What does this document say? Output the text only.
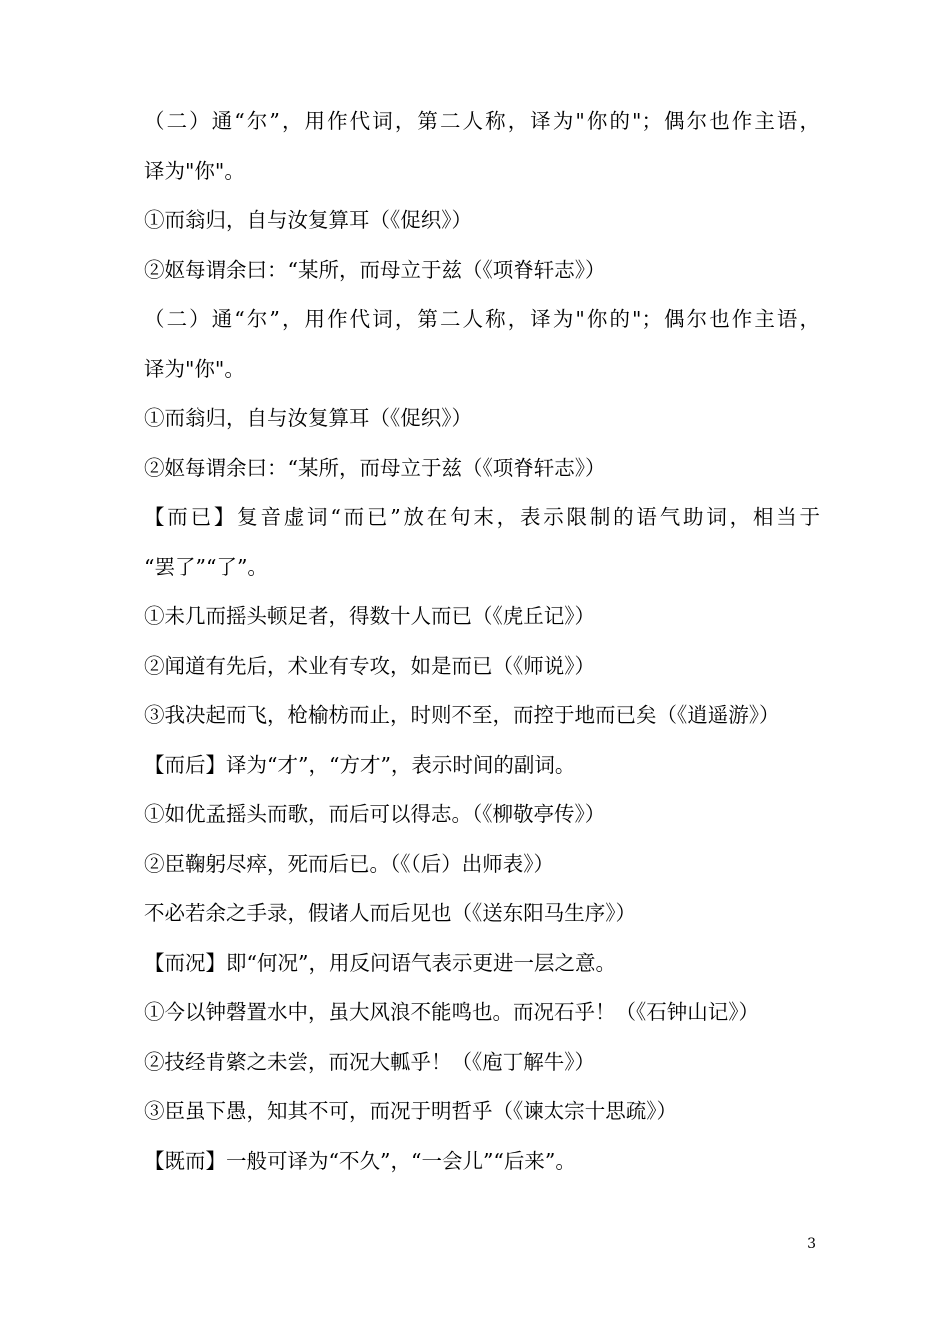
（二）通“尔”，用作代词，第二人称，译为"你的"；偶尔也作主语，
译为"你"。
①而翁归，自与汝复算耳（《促织》）
②妪每谓余曰：“某所，而母立于兹（《项脊轩志》）
（二）通“尔”，用作代词，第二人称，译为"你的"；偶尔也作主语，
译为"你"。
①而翁归，自与汝复算耳（《促织》）
②妪每谓余曰：“某所，而母立于兹（《项脊轩志》）
【而已】复音虚词“而已”放在句末，表示限制的语气助词，相当于
“罢了”“了”。
①未几而摇头顿足者，得数十人而已（《虎丘记》）
②闻道有先后，术业有专攻，如是而已（《师说》）
③我决起而飞，枪榆枋而止，时则不至，而控于地而已矣（《逍遥游》）
【而后】译为“才”，“方才”，表示时间的副词。
①如优孟摇头而歌，而后可以得志。（《柳敬亭传》）
②臣鞠躬尽瘁，死而后已。（《（后）出师表》）
不必若余之手录，假诸人而后见也（《送东阳马生序》）
【而况】即“何况”，用反问语气表示更进一层之意。
①今以钟磬置水中，虽大风浪不能鸣也。而况石乎！（《石钟山记》）
②技经肯綮之未尝，而况大軱乎！（《庖丁解牛》）
③臣虽下愚，知其不可，而况于明哲乎（《谏太宗十思疏》）
【既而】一般可译为“不久”，“一会儿”“后来”。
3
